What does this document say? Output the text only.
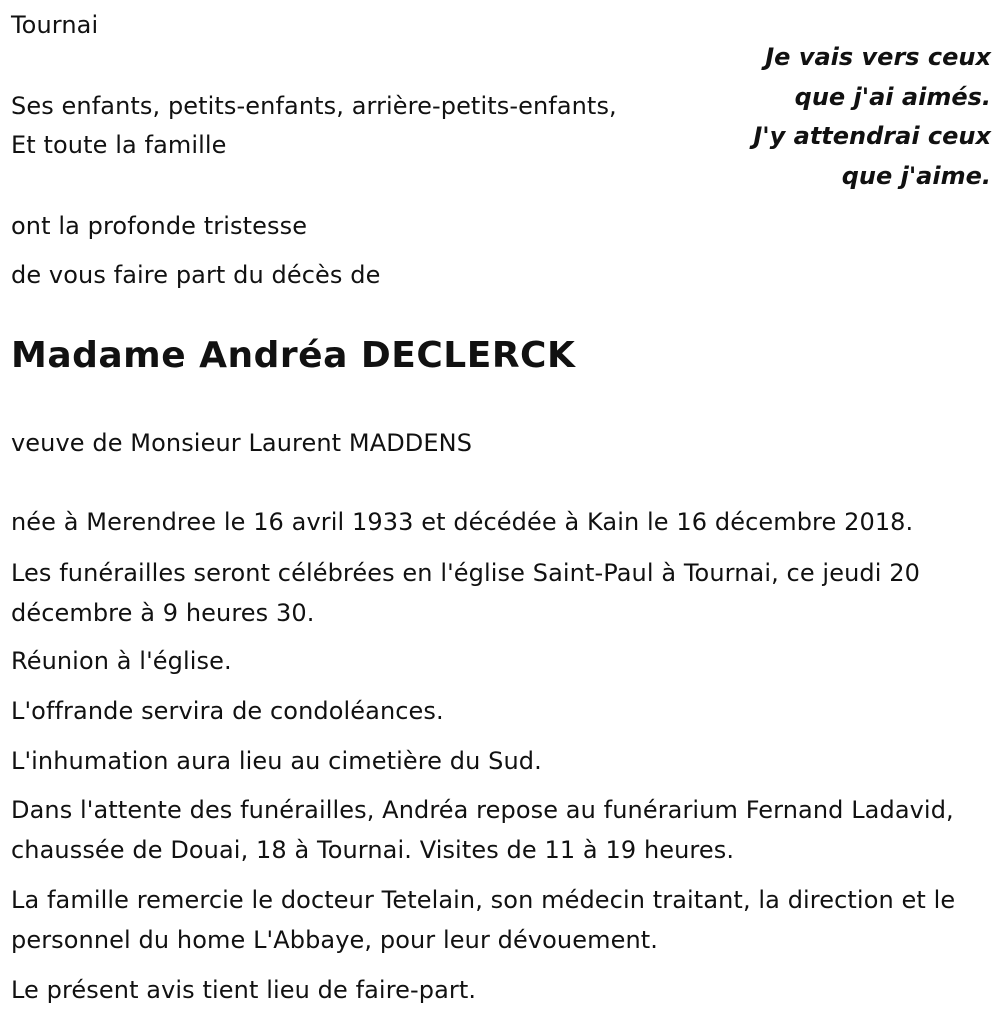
Tournai

Je vais vers ceux
que j'ai aimés.
J'y attendrai ceux
que j'aime.

Ses enfants, petits-enfants, arrière-petits-enfants,

Et toute la famille

ont la profonde tristesse

de vous faire part du décès de

Madame Andréa DECLERCK

veuve de Monsieur Laurent MADDENS

née à Merendree le 16 avril 1933 et décédée à Kain le 16 décembre 2018.

Les funérailles seront célébrées en l'église Saint-Paul à Tournai, ce jeudi 20 décembre à 9 heures 30.

Réunion à l'église.

L'offrande servira de condoléances.

L'inhumation aura lieu au cimetière du Sud.

Dans l'attente des funérailles, Andréa repose au funérarium Fernand Ladavid, chaussée de Douai, 18 à Tournai. Visites de 11 à 19 heures.

La famille remercie le docteur Tetelain, son médecin traitant, la direction et le personnel du home L'Abbaye, pour leur dévouement.

Le présent avis tient lieu de faire-part.
